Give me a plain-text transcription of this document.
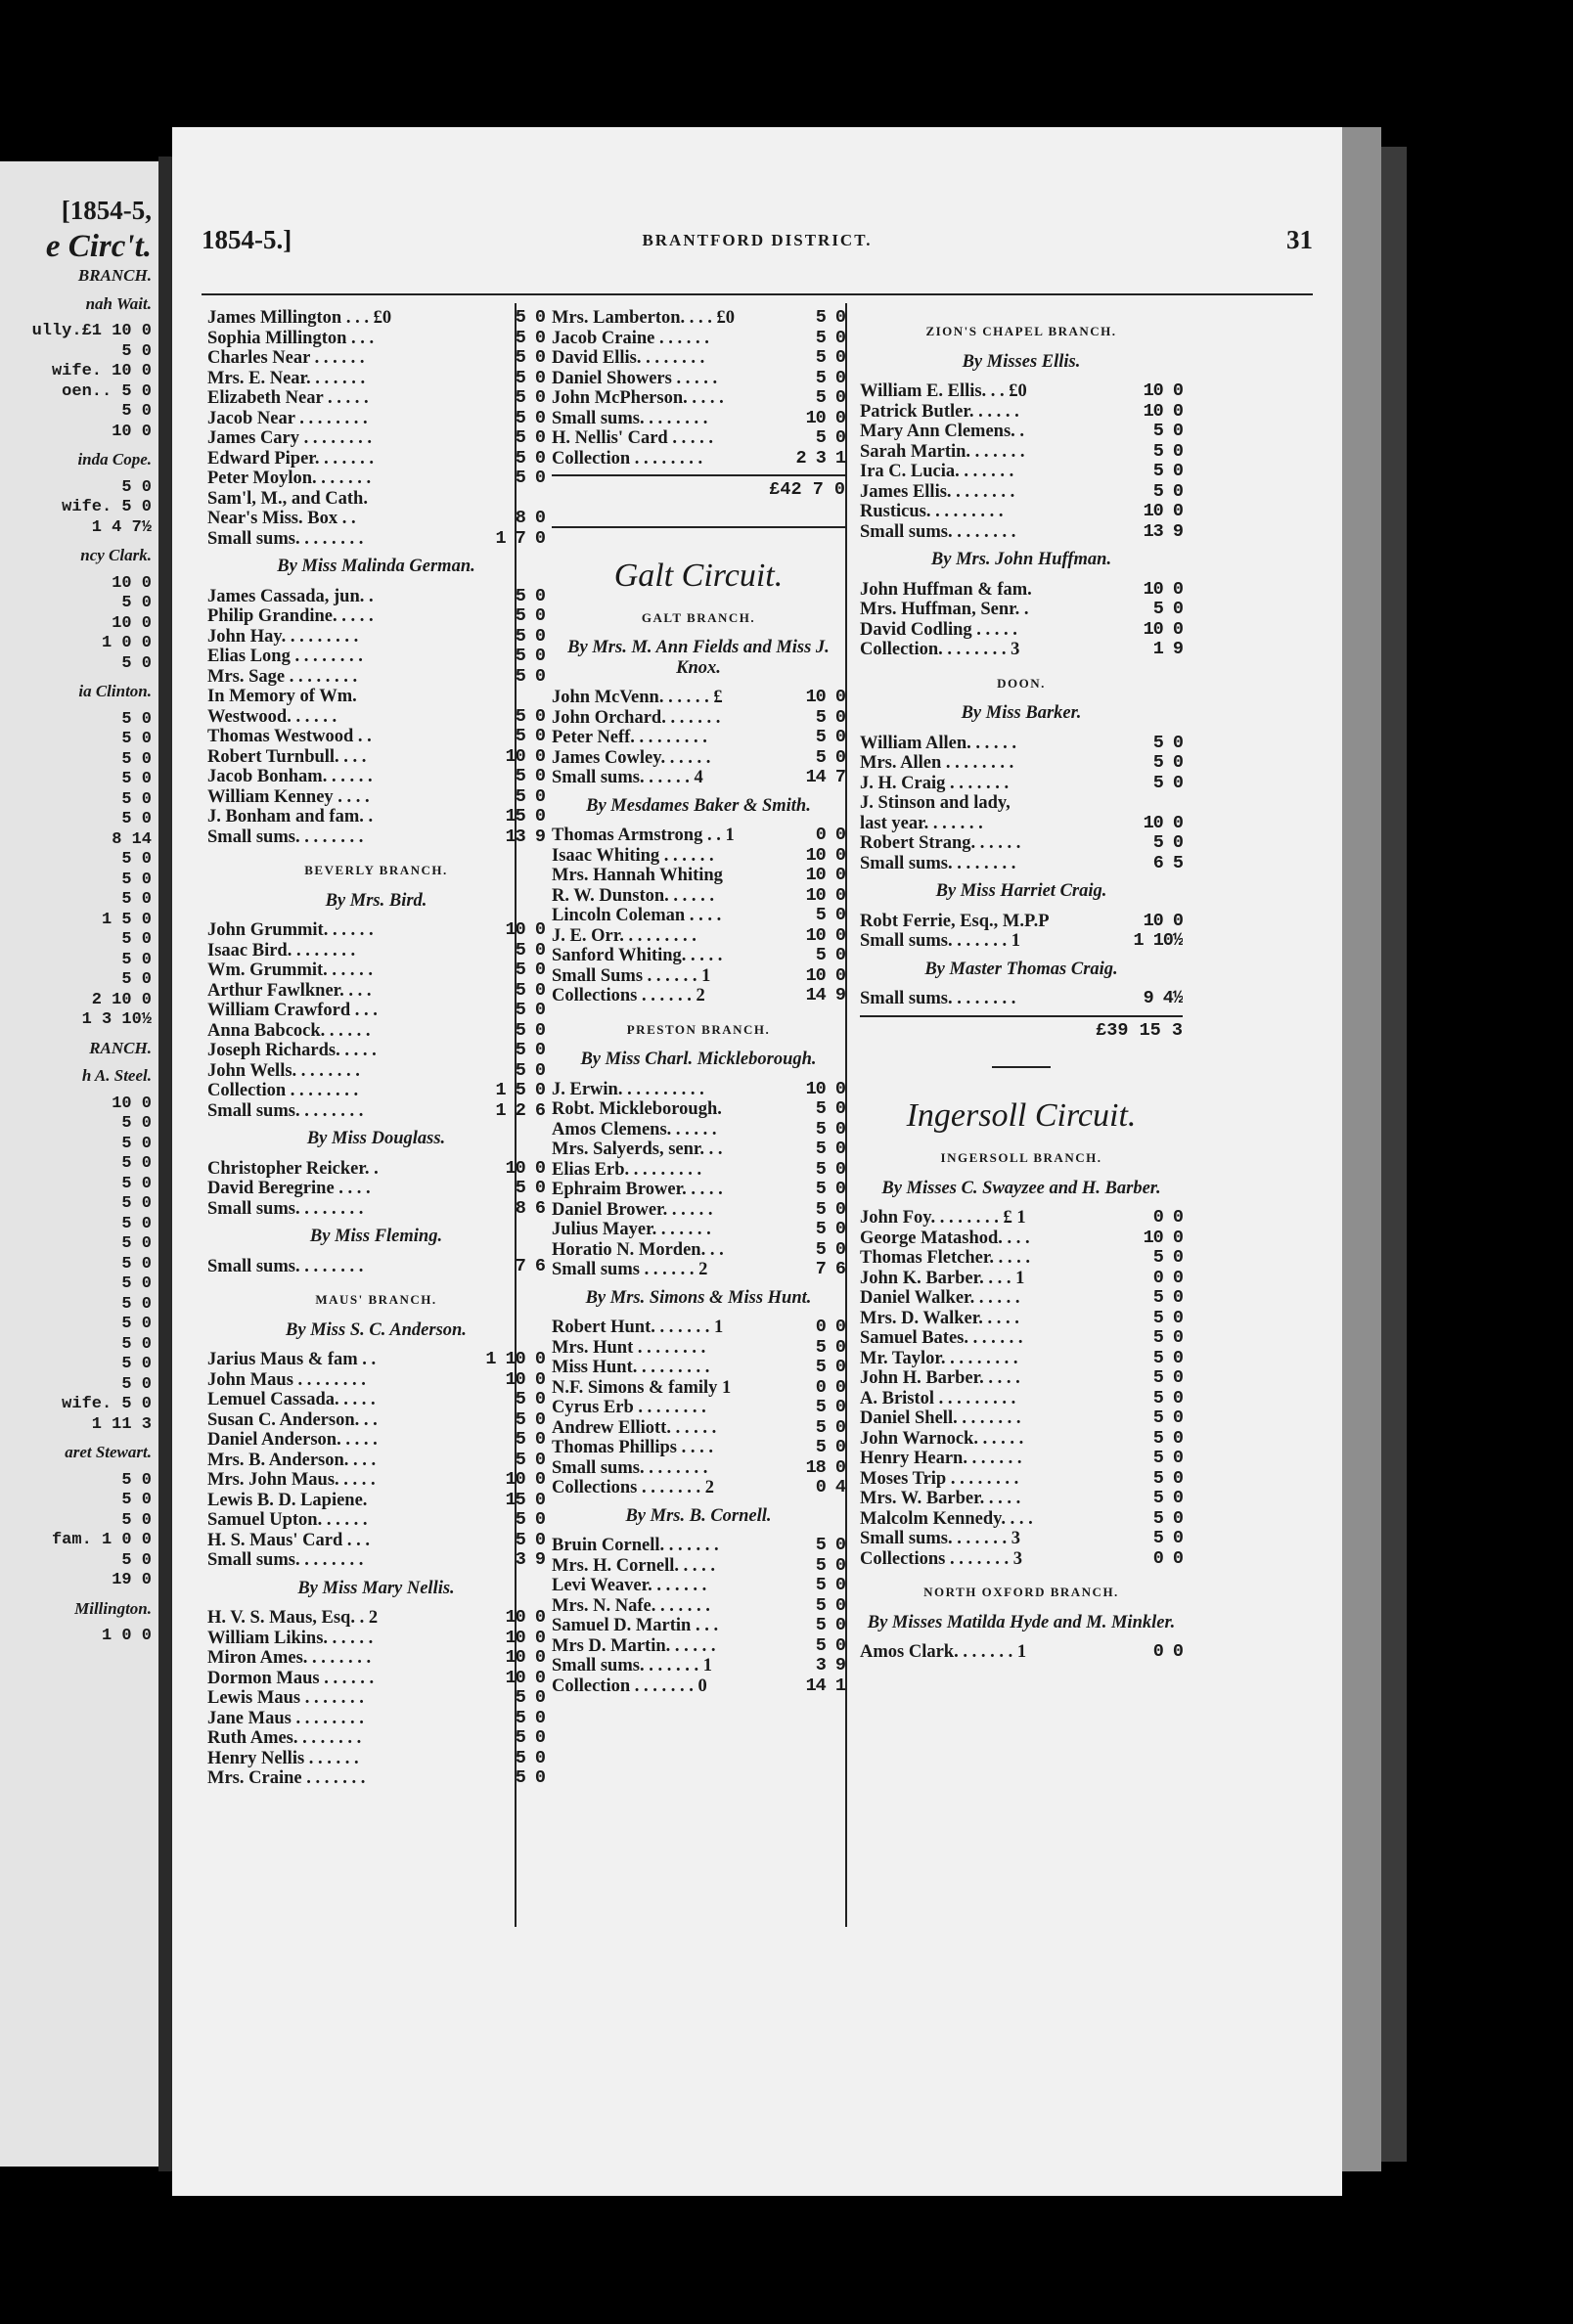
[1854-5,
e Circ't.
BRANCH.
nah Wait.
ully.£1 10 0
5 0
wife. 10 0
oen.. 5 0
5 0
10 0
inda Cope.
5 0
wife. 5 0
1 4 7½
ncy Clark.
10 0
5 0
10 0
1 0 0
5 0
ia Clinton.
5 0
5 0
5 0
5 0
5 0
5 0
8 14
5 0
5 0
5 0
1 5 0
5 0
5 0
5 0
2 10 0
1 3 10½
RANCH.
h A. Steel.
10 0
5 0
5 0
5 0
5 0
5 0
5 0
5 0
5 0
5 0
5 0
5 0
5 0
5 0
5 0
wife. 5 0
1 11 3
aret Stewart.
5 0
5 0
5 0
fam. 1 0 0
5 0
19 0
Millington.
1 0 0
1854-5.]	BRANTFORD DISTRICT.	31
James Millington . . . £0	5 0
Sophia Millington . . .	5 0
Charles Near . . . . . .	5 0
Mrs. E. Near. . . . . . .	5 0
Elizabeth Near . . . . .	5 0
Jacob Near . . . . . . . .	5 0
James Cary . . . . . . . .	5 0
Edward Piper. . . . . . .	5 0
Peter Moylon. . . . . . .	5 0
Sam'l, M., and Cath.
Near's Miss. Box . .	8 0
Small sums. . . . . . . .	1 7 0
By Miss Malinda German.
James Cassada, jun. .	5 0
Philip Grandine. . . . .	5 0
John Hay. . . . . . . . .	5 0
Elias Long . . . . . . . .	5 0
Mrs. Sage . . . . . . . .	5 0
In Memory of Wm.
Westwood. . . . . .	5 0
Thomas Westwood . .	5 0
Robert Turnbull. . . .	10 0
Jacob Bonham. . . . . .	5 0
William Kenney . . . .	5 0
J. Bonham and fam. .	15 0
Small sums. . . . . . . .	13 9
BEVERLY BRANCH.
By Mrs. Bird.
John Grummit. . . . . .	10 0
Isaac Bird. . . . . . . .	5 0
Wm. Grummit. . . . . .	5 0
Arthur Fawlkner. . . .	5 0
William Crawford . . .	5 0
Anna Babcock. . . . . .	5 0
Joseph Richards. . . . .	5 0
John Wells. . . . . . . .	5 0
Collection . . . . . . . .	1 5 0
Small sums. . . . . . . .	1 2 6
By Miss Douglass.
Christopher Reicker. .	10 0
David Beregrine . . . .	5 0
Small sums. . . . . . . .	8 6
By Miss Fleming.
Small sums. . . . . . . .	7 6
MAUS' BRANCH.
By Miss S. C. Anderson.
Jarius Maus & fam . .	1 10 0
John Maus . . . . . . . .	10 0
Lemuel Cassada. . . . .	5 0
Susan C. Anderson. . .	5 0
Daniel Anderson. . . . .	5 0
Mrs. B. Anderson. . . .	5 0
Mrs. John Maus. . . . .	10 0
Lewis B. D. Lapiene.	15 0
Samuel Upton. . . . . .	5 0
H. S. Maus' Card . . .	5 0
Small sums. . . . . . . .	3 9
By Miss Mary Nellis.
H. V. S. Maus, Esq. . 2	10 0
William Likins. . . . . .	10 0
Miron Ames. . . . . . . .	10 0
Dormon Maus . . . . . .	10 0
Lewis Maus . . . . . . .	5 0
Jane Maus . . . . . . . .	5 0
Ruth Ames. . . . . . . .	5 0
Henry Nellis . . . . . .	5 0
Mrs. Craine . . . . . . .	5 0
Mrs. Lamberton. . . . £0	5 0
Jacob Craine . . . . . .	5 0
David Ellis. . . . . . . .	5 0
Daniel Showers . . . . .	5 0
John McPherson. . . . .	5 0
Small sums. . . . . . . .	10 0
H. Nellis' Card . . . . .	5 0
Collection . . . . . . . .	2 3 1
£42 7 0
Galt Circuit.
GALT BRANCH.
By Mrs. M. Ann Fields and Miss J. Knox.
John McVenn. . . . . . £	10 0
John Orchard. . . . . . .	5 0
Peter Neff. . . . . . . . .	5 0
James Cowley. . . . . .	5 0
Small sums. . . . . . 4	14 7
By Mesdames Baker & Smith.
Thomas Armstrong . . 1	0 0
Isaac Whiting . . . . . .	10 0
Mrs. Hannah Whiting	10 0
R. W. Dunston. . . . . .	10 0
Lincoln Coleman . . . .	5 0
J. E. Orr. . . . . . . . .	10 0
Sanford Whiting. . . . .	5 0
Small Sums . . . . . . 1	10 0
Collections . . . . . . 2	14 9
PRESTON BRANCH.
By Miss Charl. Mickleborough.
J. Erwin. . . . . . . . . .	10 0
Robt. Mickleborough.	5 0
Amos Clemens. . . . . .	5 0
Mrs. Salyerds, senr. . .	5 0
Elias Erb. . . . . . . . .	5 0
Ephraim Brower. . . . .	5 0
Daniel Brower. . . . . .	5 0
Julius Mayer. . . . . . .	5 0
Horatio N. Morden. . .	5 0
Small sums . . . . . . 2	7 6
By Mrs. Simons & Miss Hunt.
Robert Hunt. . . . . . . 1	0 0
Mrs. Hunt . . . . . . . .	5 0
Miss Hunt. . . . . . . . .	5 0
N.F. Simons & family 1	0 0
Cyrus Erb . . . . . . . .	5 0
Andrew Elliott. . . . . .	5 0
Thomas Phillips . . . .	5 0
Small sums. . . . . . . .	18 0
Collections . . . . . . . 2	0 4
By Mrs. B. Cornell.
Bruin Cornell. . . . . . .	5 0
Mrs. H. Cornell. . . . .	5 0
Levi Weaver. . . . . . .	5 0
Mrs. N. Nafe. . . . . . .	5 0
Samuel D. Martin . . .	5 0
Mrs D. Martin. . . . . .	5 0
Small sums. . . . . . . 1	3 9
Collection . . . . . . . 0	14 1
ZION'S CHAPEL BRANCH.
By Misses Ellis.
William E. Ellis. . . £0	10 0
Patrick Butler. . . . . .	10 0
Mary Ann Clemens. .	5 0
Sarah Martin. . . . . . .	5 0
Ira C. Lucia. . . . . . .	5 0
James Ellis. . . . . . . .	5 0
Rusticus. . . . . . . . .	10 0
Small sums. . . . . . . .	13 9
By Mrs. John Huffman.
John Huffman & fam.	10 0
Mrs. Huffman, Senr. .	5 0
David Codling . . . . .	10 0
Collection. . . . . . . . 3	1 9
DOON.
By Miss Barker.
William Allen. . . . . .	5 0
Mrs. Allen . . . . . . . .	5 0
J. H. Craig . . . . . . .	5 0
J. Stinson and lady,
last year. . . . . . .	10 0
Robert Strang. . . . . .	5 0
Small sums. . . . . . . .	6 5
By Miss Harriet Craig.
Robt Ferrie, Esq., M.P.P	10 0
Small sums. . . . . . . 1	1 10½
By Master Thomas Craig.
Small sums. . . . . . . .	9 4½
£39 15 3
Ingersoll Circuit.
INGERSOLL BRANCH.
By Misses C. Swayzee and H. Barber.
John Foy. . . . . . . . £ 1	0 0
George Matashod. . . .	10 0
Thomas Fletcher. . . . .	5 0
John K. Barber. . . . 1	0 0
Daniel Walker. . . . . .	5 0
Mrs. D. Walker. . . . .	5 0
Samuel Bates. . . . . . .	5 0
Mr. Taylor. . . . . . . . .	5 0
John H. Barber. . . . .	5 0
A. Bristol . . . . . . . . .	5 0
Daniel Shell. . . . . . . .	5 0
John Warnock. . . . . .	5 0
Henry Hearn. . . . . . .	5 0
Moses Trip . . . . . . . .	5 0
Mrs. W. Barber. . . . .	5 0
Malcolm Kennedy. . . .	5 0
Small sums. . . . . . . 3	5 0
Collections . . . . . . . 3	0 0
NORTH OXFORD BRANCH.
By Misses Matilda Hyde and M. Minkler.
Amos Clark. . . . . . . 1	0 0
